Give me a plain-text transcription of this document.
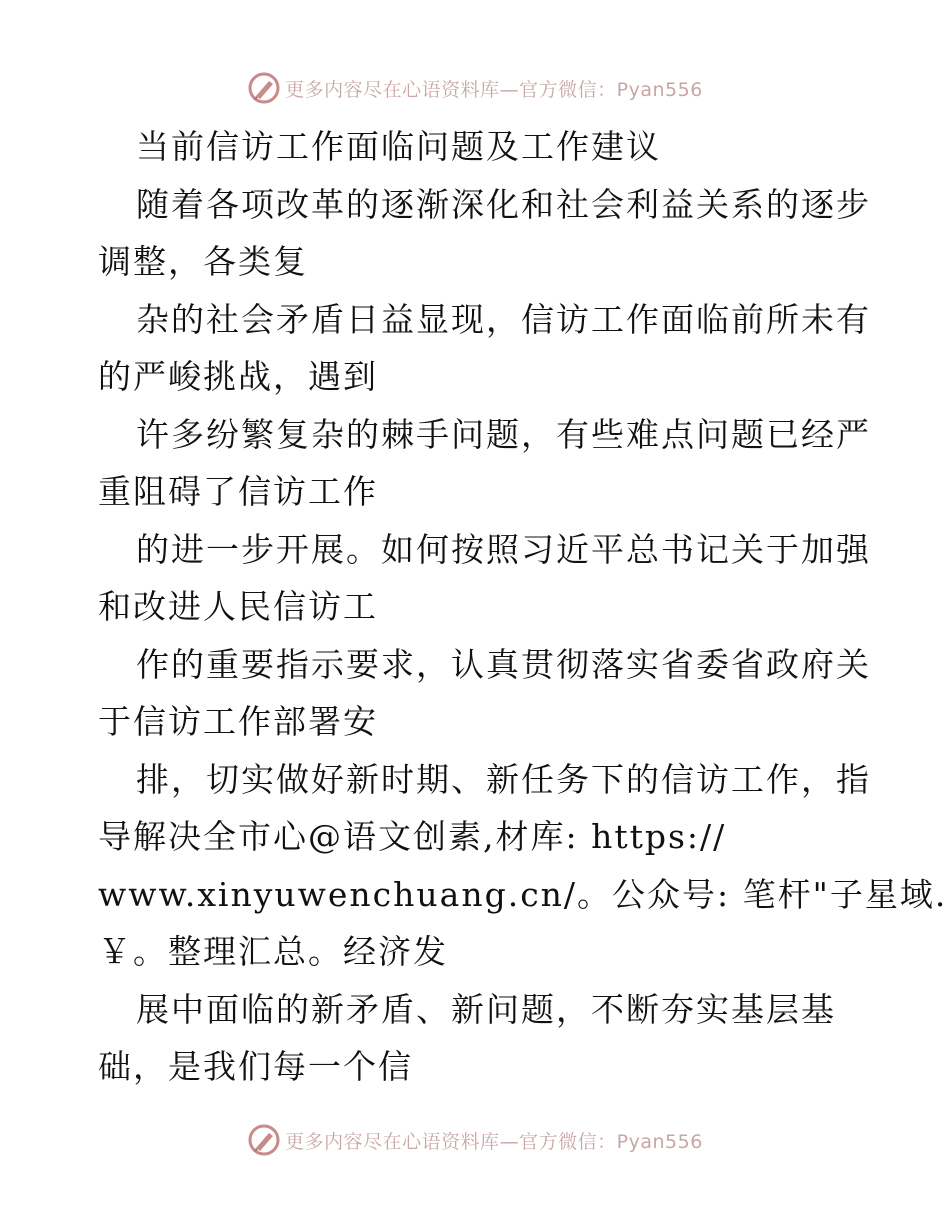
更多内容尽在心语资料库—官方微信：Pyan556
当前信访工作面临问题及工作建议
随着各项改革的逐渐深化和社会利益关系的逐步
调整，各类复
杂的社会矛盾日益显现，信访工作面临前所未有
的严峻挑战，遇到
许多纷繁复杂的棘手问题，有些难点问题已经严
重阻碍了信访工作
的进一步开展。如何按照习近平总书记关于加强
和改进人民信访工
作的重要指示要求，认真贯彻落实省委省政府关
于信访工作部署安
排，切实做好新时期、新任务下的信访工作，指
导解决全市心@语文创素,材库: https://
www.xinyuwenchuang.cn/。公众号: 笔杆"子星域.
￥。整理汇总。经济发
展中面临的新矛盾、新问题，不断夯实基层基
础，是我们每一个信
更多内容尽在心语资料库—官方微信：Pyan556
